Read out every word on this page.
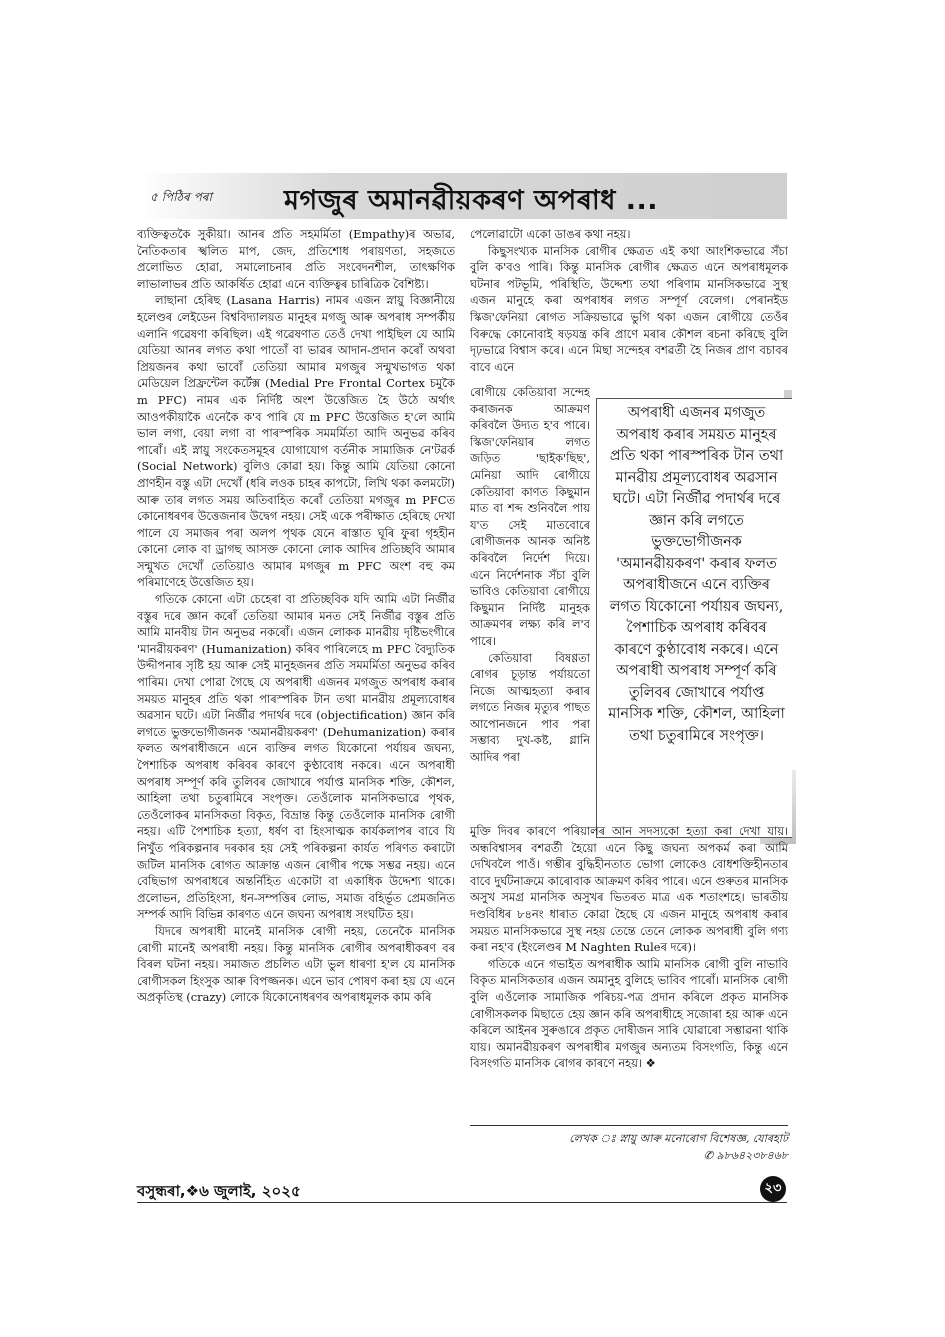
৫ পিঠিৰ পৰা	মগজুৰ অমানৱীয়কৰণ অপৰাধ ...

ব্যক্তিত্বতকৈ সুকীয়া। আনৰ প্ৰতি সহমৰ্মিতা (Empathy)ৰ অভাৱ, নৈতিকতাৰ স্খলিত মাপ, জেদ, প্ৰতিশোধ পৰায়ণতা, সহজতে প্ৰলোভিত হোৱা, সমালোচনাৰ প্ৰতি সংবেদনশীল, তাৎক্ষণিক লাভালাভৰ প্ৰতি আকৰ্ষিত হোৱা এনে ব্যক্তিত্বৰ চাৰিত্ৰিক বৈশিষ্ট্য।

লাছানা হেৰিছ (Lasana Harris) নামৰ এজন স্নায়ু বিজ্ঞানীয়ে হলেণ্ডৰ লেইডেন বিশ্ববিদ্যালয়ত মানুহৰ মগজু আৰু অপৰাধ সম্পৰ্কীয় এলানি গৱেষণা কৰিছিল। এই গৱেষণাত তেওঁ দেখা পাইছিল যে আমি যেতিয়া আনৰ লগত কথা পাতোঁ বা ভাৱৰ আদান-প্ৰদান কৰোঁ অথবা প্ৰিয়জনৰ কথা ভাবোঁ তেতিয়া আমাৰ মগজুৰ সন্মুখভাগত থকা মেডিয়েল প্ৰিফ্ৰন্টেল কৰ্টেক্স (Medial Pre Frontal Cortex চমুকৈ m PFC) নামৰ এক নিৰ্দিষ্ট অংশ উত্তেজিত হৈ উঠে অৰ্থাৎ আওপকীয়াকৈ এনেকৈ ক'ব পাৰি যে m PFC উত্তেজিত হ'লে আমি ভাল লগা, বেয়া লগা বা পাৰস্পৰিক সমমৰ্মিতা আদি অনুভৱ কৰিব পাৰোঁ। এই স্নায়ু সংকেতসমূহৰ যোগাযোগ বৰ্তনীক সামাজিক নে'টৱৰ্ক (Social Network) বুলিও কোৱা হয়। কিন্তু আমি যেতিয়া কোনো প্ৰাণহীন বস্তু এটা দেখোঁ (ধৰি লওক চাহৰ কাপটো, লিখি থকা কলমটো) আৰু তাৰ লগত সময় অতিবাহিত কৰোঁ তেতিয়া মগজুৰ m PFCত কোনোধৰণৰ উত্তেজনাৰ উদ্বেগ নহয়। সেই একে পৰীক্ষাত হেৰিছে দেখা পালে যে সমাজৰ পৰা অলপ পৃথক যেনে ৰাস্তাত ঘূৰি ফুৰা গৃহহীন কোনো লোক বা ড্ৰাগছ আসক্ত কোনো লোক আদিৰ প্ৰতিচ্ছবি আমাৰ সন্মুখত দেখোঁ তেতিয়াও আমাৰ মগজুৰ m PFC অংশ বহু কম পৰিমাণেহে উত্তেজিত হয়।

গতিকে কোনো এটা চেহেৰা বা প্ৰতিচ্ছবিক যদি আমি এটা নিৰ্জীৱ বস্তুৰ দৰে জ্ঞান কৰোঁ তেতিয়া আমাৰ মনত সেই নিৰ্জীৱ বস্তুৰ প্ৰতি আমি মানবীয় টান অনুভৱ নকৰোঁ। এজন লোকক মানৱীয় দৃষ্টিভংগীৰে 'মানৱীয়কৰণ' (Humanization) কৰিব পাৰিলেহে m PFC বৈদ্যুতিক উদ্দীপনাৰ সৃষ্টি হয় আৰু সেই মানুহজনৰ প্ৰতি সমমৰ্মিতা অনুভৱ কৰিব পাৰিম। দেখা পোৱা গৈছে যে অপৰাধী এজনৰ মগজুত অপৰাধ কৰাৰ সময়ত মানুহৰ প্ৰতি থকা পাৰস্পৰিক টান তথা মানৱীয় প্ৰমূল্যবোধৰ অৱসান ঘটে। এটা নিৰ্জীৱ পদাৰ্থৰ দৰে (objectification) জ্ঞান কৰি লগতে ভুক্তভোগীজনক 'অমানৱীয়কৰণ' (Dehumanization) কৰাৰ ফলত অপৰাধীজনে এনে ব্যক্তিৰ লগত যিকোনো পৰ্যায়ৰ জঘন্য, পৈশাচিক অপৰাধ কৰিবৰ কাৰণে কুণ্ঠাবোধ নকৰে। এনে অপৰাধী অপৰাধ সম্পূৰ্ণ কৰি তুলিবৰ জোখাৰে পৰ্যাপ্ত মানসিক শক্তি, কৌশল, আহিলা তথা চতুৰামিৰে সংপৃক্ত। তেওঁলোক মানসিকভাৱে পৃথক, তেওঁলোকৰ মানসিকতা বিকৃত, বিভ্ৰান্ত কিন্তু তেওঁলোক মানসিক ৰোগী নহয়। এটি পৈশাচিক হত্যা, ধৰ্ষণ বা হিংসাত্মক কাৰ্যকলাপৰ বাবে যি নিখুঁত পৰিকল্পনাৰ দৰকাৰ হয় সেই পৰিকল্পনা কাৰ্যত পৰিণত কৰাটো জটিল মানসিক ৰোগত আক্ৰান্ত এজন ৰোগীৰ পক্ষে সম্ভৱ নহয়। এনে বেছিভাগ অপৰাধৰে অন্তৰ্নিহিত একোটা বা একাধিক উদ্দেশ্য থাকে। প্ৰলোভন, প্ৰতিহিংসা, ধন-সম্পত্তিৰ লোভ, সমাজ বহিৰ্ভূত প্ৰেমজনিত সম্পৰ্ক আদি বিভিন্ন কাৰণত এনে জঘন্য অপৰাধ সংঘটিত হয়।

যিদৰে অপৰাধী মানেই মানসিক ৰোগী নহয়, তেনেকৈ মানসিক ৰোগী মানেই অপৰাধী নহয়। কিন্তু মানসিক ৰোগীৰ অপৰাধীকৰণ বৰ বিৰল ঘটনা নহয়। সমাজত প্ৰচলিত এটা ভুল ধাৰণা হ'ল যে মানসিক ৰোগীসকল হিংসুক আৰু বিপজ্জনক। এনে ভাব পোষণ কৰা হয় যে এনে অপ্ৰকৃতিস্থ (crazy) লোকে যিকোনোধৰণৰ অপৰাধমূলক কাম কৰি

পেলোৱাটো একো ডাঙৰ কথা নহয়।

কিছুসংখ্যক মানসিক ৰোগীৰ ক্ষেত্ৰত এই কথা আংশিকভাৱে সঁচা বুলি ক'বও পাৰি। কিন্তু মানসিক ৰোগীৰ ক্ষেত্ৰত এনে অপৰাধমূলক ঘটনাৰ পটভূমি, পৰিস্থিতি, উদ্দেশ্য তথা পৰিণাম মানসিকভাৱে সুস্থ এজন মানুহে কৰা অপৰাধৰ লগত সম্পূৰ্ণ বেলেগ। পেৰানইড স্কিজ'ফেনিয়া ৰোগত সক্ৰিয়ভাৱে ভুগি থকা এজন ৰোগীয়ে তেওঁৰ বিৰুদ্ধে কোনোবাই ষড়যন্ত্ৰ কৰি প্ৰাণে মৰাৰ কৌশল ৰচনা কৰিছে বুলি দৃঢ়ভাৱে বিশ্বাস কৰে। এনে মিছা সন্দেহৰ বশৱৰ্তী হৈ নিজৰ প্ৰাণ বচাবৰ বাবে এনে

ৰোগীয়ে কেতিয়াবা সন্দেহ কৰাজনক আক্ৰমণ কৰিবলৈ উদ্যত হ'ব পাৰে। স্কিজ'ফেনিয়াৰ লগত জড়িত 'ছাইক'ছিছ', মেনিয়া আদি ৰোগীয়ে কেতিয়াবা কাণত কিছুমান মাত বা শব্দ শুনিবলৈ পায় য'ত সেই মাতবোৰে ৰোগীজনক আনক অনিষ্ট কৰিবলৈ নিৰ্দেশ দিয়ে। এনে নিৰ্দেশনাক সঁচা বুলি ভাবিও কেতিয়াবা ৰোগীয়ে কিছুমান নিৰ্দিষ্ট মানুহক আক্ৰমণৰ লক্ষ্য কৰি ল'ব পাৰে।

কেতিয়াবা বিষণ্ণতা ৰোগৰ চূড়ান্ত পৰ্যায়তো নিজে আত্মহত্যা কৰাৰ লগতে নিজৰ মৃত্যুৰ পাছত আপোনজনে পাব পৰা সম্ভাব্য দুখ-কষ্ট, গ্লানি আদিৰ পৰা

অপৰাধী এজনৰ মগজুত অপৰাধ কৰাৰ সময়ত মানুহৰ প্ৰতি থকা পাৰস্পৰিক টান তথা মানৱীয় প্ৰমূল্যবোধৰ অৱসান ঘটে। এটা নিৰ্জীৱ পদাৰ্থৰ দৰে জ্ঞান কৰি লগতে ভুক্তভোগীজনক 'অমানৱীয়কৰণ' কৰাৰ ফলত অপৰাধীজনে এনে ব্যক্তিৰ লগত যিকোনো পৰ্যায়ৰ জঘন্য, পৈশাচিক অপৰাধ কৰিবৰ কাৰণে কুণ্ঠাবোধ নকৰে। এনে অপৰাধী অপৰাধ সম্পূৰ্ণ কৰি তুলিবৰ জোখাৰে পৰ্যাপ্ত মানসিক শক্তি, কৌশল, আহিলা তথা চতুৰামিৰে সংপৃক্ত।

মুক্তি দিবৰ কাৰণে পৰিয়ালৰ আন সদস্যকো হত্যা কৰা দেখা যায়। অন্ধবিশ্বাসৰ বশৱৰ্তী হৈয়ো এনে কিছু জঘন্য অপকৰ্ম কৰা আমি দেখিবলৈ পাওঁ। গম্ভীৰ বুদ্ধিহীনতাত ভোগা লোকেও বোধশক্তিহীনতাৰ বাবে দুৰ্ঘটনাক্ৰমে কাৰোবাক আক্ৰমণ কৰিব পাৰে। এনে গুৰুতৰ মানসিক অসুখ সমগ্ৰ মানসিক অসুখৰ ভিতৰত মাত্ৰ এক শতাংশহে। ভাৰতীয় দণ্ডবিধিৰ ৮৪নং ধাৰাত কোৱা হৈছে যে এজন মানুহে অপৰাধ কৰাৰ সময়ত মানসিকভাৱে সুস্থ নহয় তেন্তে তেনে লোকক অপৰাধী বুলি গণ্য কৰা নহ'ব (ইংলেণ্ডৰ M Naghten Ruleৰ দৰে)।

গতিকে এনে গভাইত অপৰাধীক আমি মানসিক ৰোগী বুলি নাভাবি বিকৃত মানসিকতাৰ এজন অমানুহ বুলিহে ভাবিব পাৰোঁ। মানসিক ৰোগী বুলি এওঁলোক সামাজিক পৰিচয়-পত্ৰ প্ৰদান কৰিলে প্ৰকৃত মানসিক ৰোগীসকলক মিছাতে হেয় জ্ঞান কৰি অপৰাধীহে সজোৰা হয় আৰু এনে কৰিলে আইনৰ সুৰুঙাৰে প্ৰকৃত দোষীজন সাৰি যোৱাৰো সম্ভাৱনা থাকি যায়। অমানৱীয়কৰণ অপৰাধীৰ মগজুৰ অন্যতম বিসংগতি, কিন্তু এনে বিসংগতি মানসিক ৰোগৰ কাৰণে নহয়। ❖

লেখক ঃ স্নায়ু আৰু মনোৰোগ বিশেষজ্ঞ, যোৰহাট
✆ ৯৮৬৪২৩৮৪৬৮
বসুন্ধৰা,❖৬ জুলাই, ২০২৫	২৩
